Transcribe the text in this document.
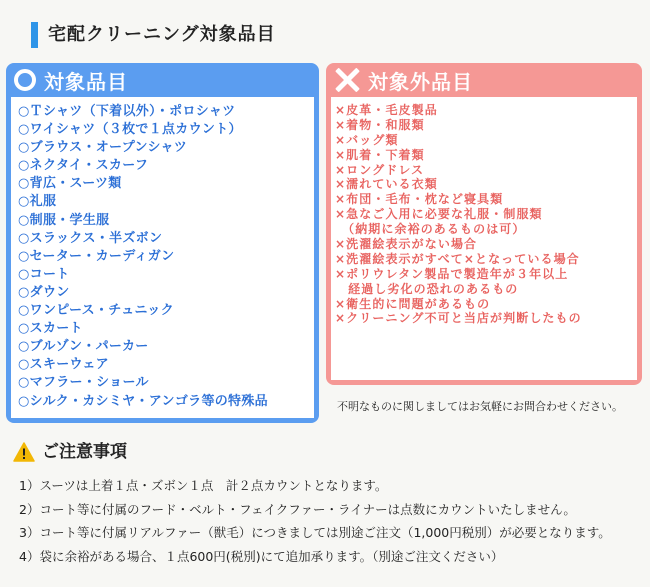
宅配クリーニング対象品目
対象品目
○Ｔシャツ（下着以外）・ポロシャツ
○ワイシャツ（３枚で１点カウント）
○ブラウス・オープンシャツ
○ネクタイ・スカーフ
○背広・スーツ類
○礼服
○制服・学生服
○スラックス・半ズボン
○セーター・カーディガン
○コート
○ダウン
○ワンピース・チュニック
○スカート
○ブルゾン・パーカー
○スキーウェア
○マフラー・ショール
○シルク・カシミヤ・アンゴラ等の特殊品
対象外品目
×皮革・毛皮製品
×着物・和服類
×バッグ類
×肌着・下着類
×ロングドレス
×濡れている衣類
×布団・毛布・枕など寝具類
×急なご入用に必要な礼服・制服類
　（納期に余裕のあるものは可）
×洗濯絵表示がない場合
×洗濯絵表示がすべて×となっている場合
×ポリウレタン製品で製造年が３年以上
　経過し劣化の恐れのあるもの
×衛生的に問題があるもの
×クリーニング不可と当店が判断したもの
不明なものに関しましてはお気軽にお問合わせください。
ご注意事項
1）スーツは上着１点・ズボン１点　計２点カウントとなります。
2）コート等に付属のフード・ベルト・フェイクファー・ライナーは点数にカウントいたしません。
3）コート等に付属リアルファー（獣毛）につきましては別途ご注文（1,000円税別）が必要となります。
4）袋に余裕がある場合、１点600円(税別)にて追加承ります。（別途ご注文ください）
